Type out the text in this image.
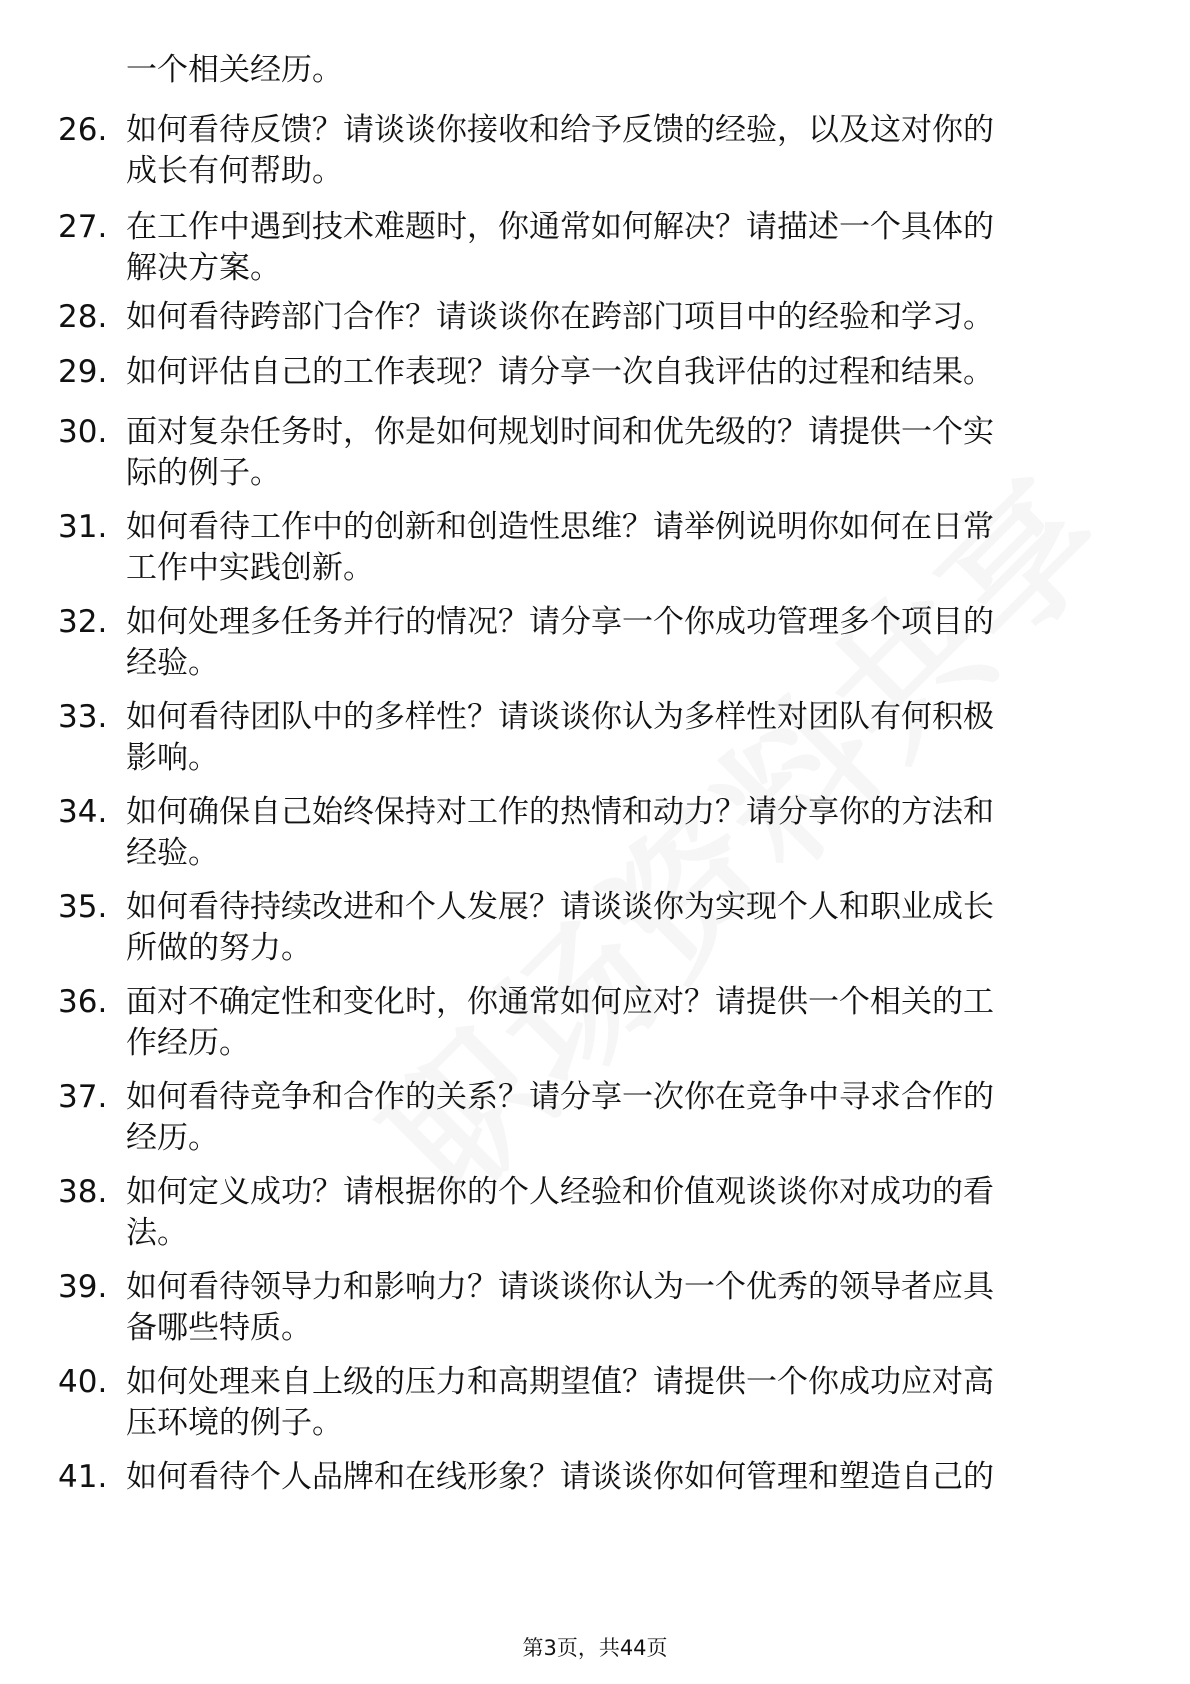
一个相关经历。
26. 如何看待反馈？请谈谈你接收和给予反馈的经验，以及这对你的
成长有何帮助。
27. 在工作中遇到技术难题时，你通常如何解决？请描述一个具体的
解决方案。
28. 如何看待跨部门合作？请谈谈你在跨部门项目中的经验和学习。
29. 如何评估自己的工作表现？请分享一次自我评估的过程和结果。
30. 面对复杂任务时，你是如何规划时间和优先级的？请提供一个实
际的例子。
31. 如何看待工作中的创新和创造性思维？请举例说明你如何在日常
工作中实践创新。
32. 如何处理多任务并行的情况？请分享一个你成功管理多个项目的
经验。
33. 如何看待团队中的多样性？请谈谈你认为多样性对团队有何积极
影响。
34. 如何确保自己始终保持对工作的热情和动力？请分享你的方法和
经验。
35. 如何看待持续改进和个人发展？请谈谈你为实现个人和职业成长
所做的努力。
36. 面对不确定性和变化时，你通常如何应对？请提供一个相关的工
作经历。
37. 如何看待竞争和合作的关系？请分享一次你在竞争中寻求合作的
经历。
38. 如何定义成功？请根据你的个人经验和价值观谈谈你对成功的看
法。
39. 如何看待领导力和影响力？请谈谈你认为一个优秀的领导者应具
备哪些特质。
40. 如何处理来自上级的压力和高期望值？请提供一个你成功应对高
压环境的例子。
41. 如何看待个人品牌和在线形象？请谈谈你如何管理和塑造自己的
第3页，共44页
